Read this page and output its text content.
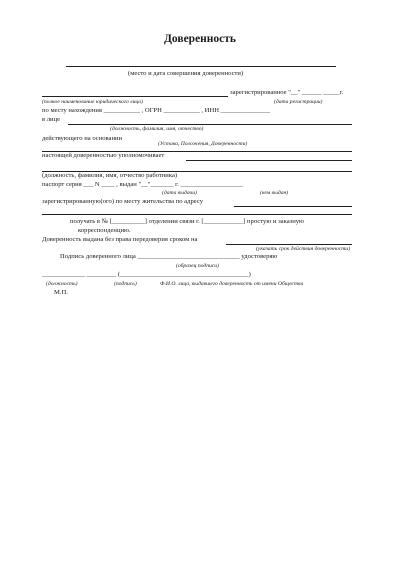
Доверенность
(место и дата совершения доверенности)
зарегистрированное "__" ______ _____г.
(полное наименование юридического лица)	(дата регистрации)
по месту нахождения ___________ , ОГРН ___________ , ИНН _______________
в лице
(должность, фамилия, имя, отчество)
действующего на основании
(Устава, Положения, Доверенности)
настоящей доверенностью уполномочивает
(должность, фамилия, имя, отчество работника)
паспорт серия ___ N ____ , выдан "__"_______ г. ___________________
(дата выдачи)	(кем выдан)
зарегистрированную(ого) по месту жительства по адресу
получать в № [__________] отделении связи г. [____________] простую и заказную
корреспонденцию.
Доверенность выдана без права передоверия сроком на
(указать срок действия доверенности)
Подпись доверенного лица _______________________________ удостоверяю
(образец подписи)
_____________ _________ (_______________________________________)
(должность)	(подпись)	Ф.И.О. лица, выдавшего доверенность от имени Общества
М.П.
